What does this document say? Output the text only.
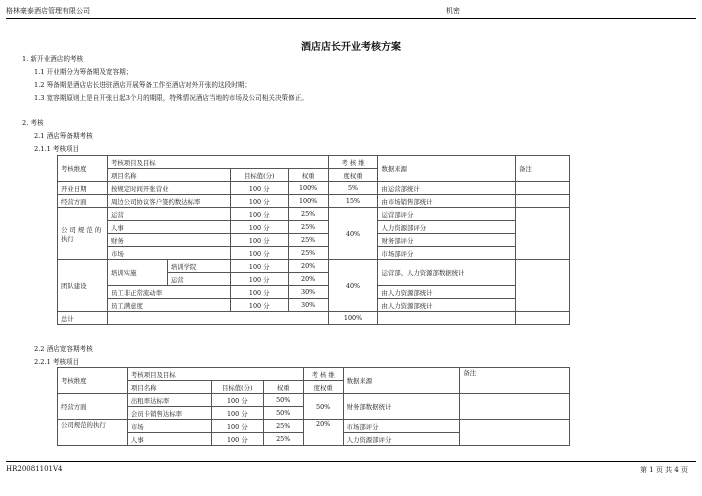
格林豪泰酒店管理有限公司	机密
酒店店长开业考核方案
1. 新开业酒店的考核
1.1 开业期分为筹备期及宽容期；
1.2 筹备期是酒店店长进驻酒店开展筹备工作至酒店对外开张的这段时期；
1.3 宽容期原则上是自开张日起3个月的期限，特殊情况酒店当地的市场及公司相关决策修正。
2. 考核
2.1 酒店筹备期考核
2.1.1 考核项目
考核维度	考核项目及目标				考 核 维	数据来源	备注
	项目名称		目标值(分)	权重	度权重		
开业日期	按规定时间开张营业		100 分	100%	5%	由运营部统计	
经营方面	周边公司协议客户签约数达标率		100 分	100%	15%	由市场销售部统计	
公 司 规 范 的
执行	运营		100 分	25%	40%	运营部评分	
	人事		100 分	25%		人力资源部评分	
	财务		100 分	25%		财务部评分	
	市场		100 分	25%		市场部评分	
团队建设	培训实施	培训学院	100 分	20%	40%	运营部、人力资源部数据统计	
		运营	100 分	20%			
	员工非正常流动率		100 分	30%		由人力资源部统计	
	员工满意度		100 分	30%		由人力资源部统计	
总计					100%		
2.2 酒店宽容期考核
2.2.1 考核项目
考核维度	考核项目及目标			考 核 维	数据来源	备注
	项目名称	目标值(分)	权重	度权重		
经营方面	出租率达标率	100 分	50%	50%	财务部数据统计	
	会员卡销售达标率	100 分	50%			
公司规范的执行	市场	100 分	25%	20%	市场部评分	
	人事	100 分	25%		人力资源部评分	
HR20081101V4	第 1 页 共 4 页
